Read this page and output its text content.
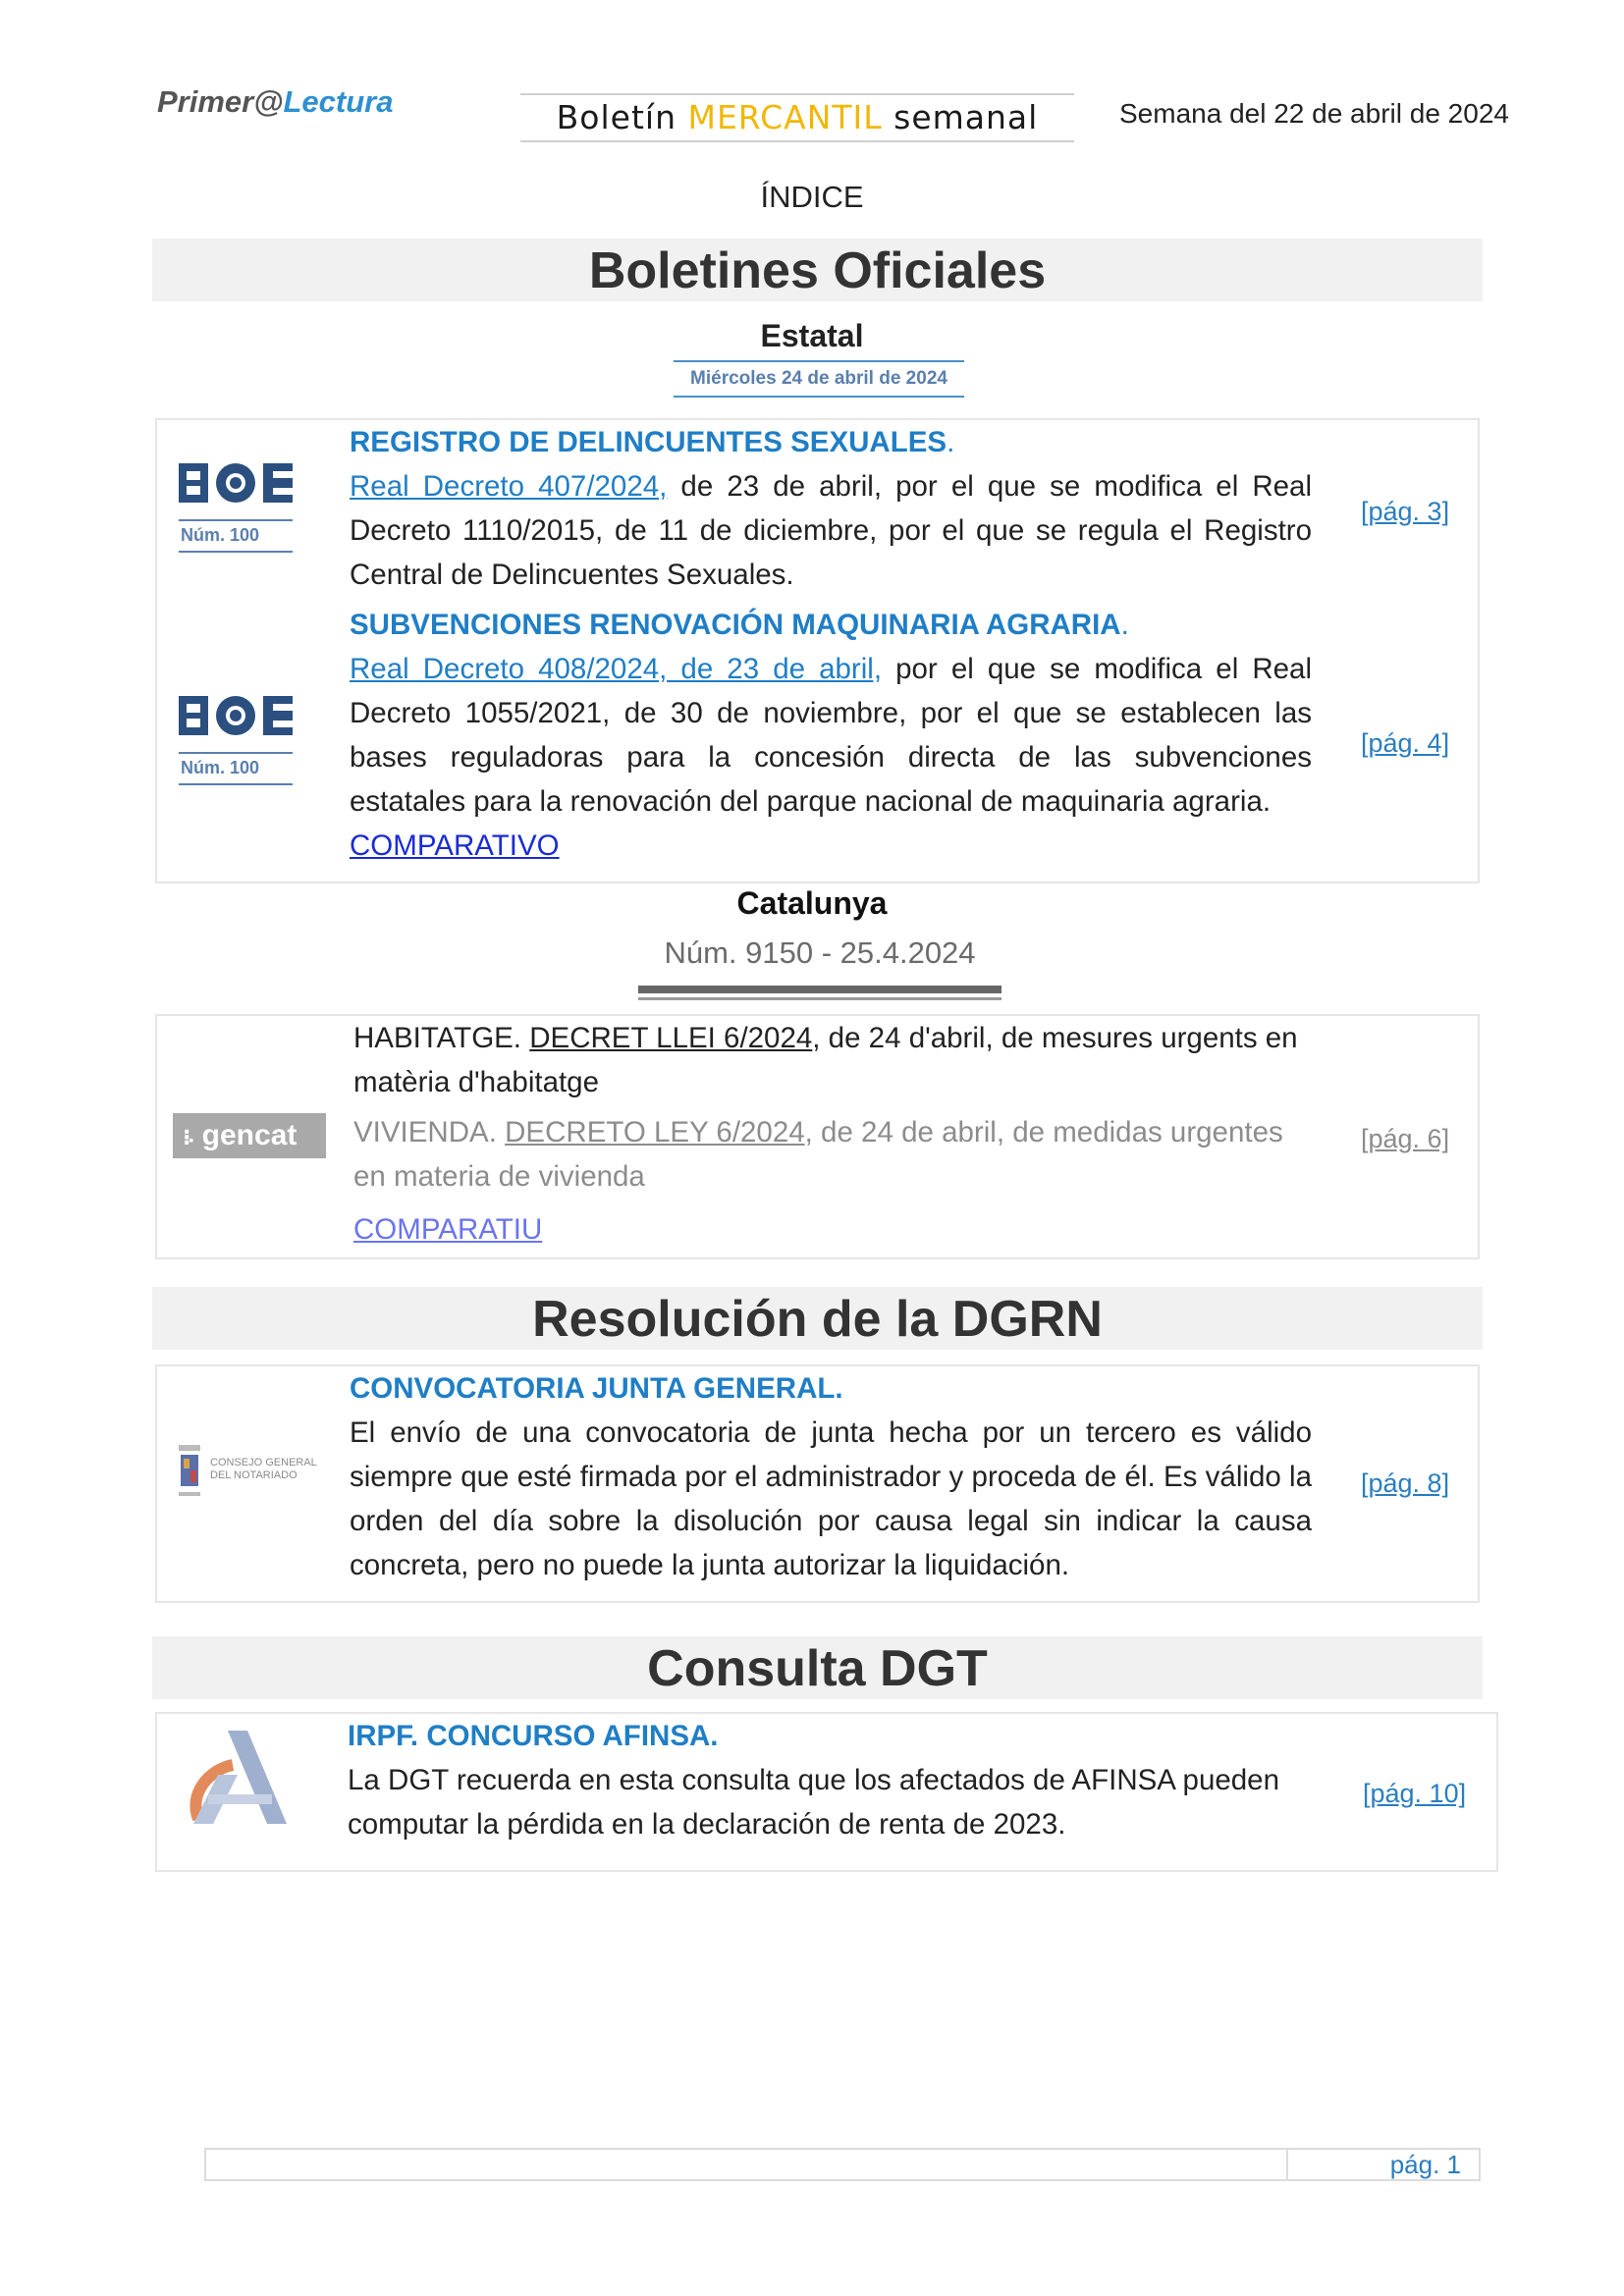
Primer@Lectura	Boletín MERCANTIL semanal	Semana del 22 de abril de 2024
ÍNDICE
Boletines Oficiales
Estatal
Miércoles 24 de abril de 2024
Núm. 100
REGISTRO DE DELINCUENTES SEXUALES.
Real Decreto 407/2024, de 23 de abril, por el que se modifica el Real Decreto 1110/2015, de 11 de diciembre, por el que se regula el Registro Central de Delincuentes Sexuales.
[pág. 3]
Núm. 100
SUBVENCIONES RENOVACIÓN MAQUINARIA AGRARIA.
Real Decreto 408/2024, de 23 de abril, por el que se modifica el Real Decreto 1055/2021, de 30 de noviembre, por el que se establecen las bases reguladoras para la concesión directa de las subvenciones estatales para la renovación del parque nacional de maquinaria agraria.
COMPARATIVO
[pág. 4]
Catalunya
Núm. 9150 - 25.4.2024
⁝▪ gencat
HABITATGE. DECRET LLEI 6/2024, de 24 d'abril, de mesures urgents en matèria d'habitatge
VIVIENDA. DECRETO LEY 6/2024, de 24 de abril, de medidas urgentes en materia de vivienda
COMPARATIU
[pág. 6]
Resolución de la DGRN
CONSEJO GENERAL DEL NOTARIADO
CONVOCATORIA JUNTA GENERAL.
El envío de una convocatoria de junta hecha por un tercero es válido siempre que esté firmada por el administrador y proceda de él. Es válido la orden del día sobre la disolución por causa legal sin indicar la causa concreta, pero no puede la junta autorizar la liquidación.
[pág. 8]
Consulta DGT
IRPF. CONCURSO AFINSA.
La DGT recuerda en esta consulta que los afectados de AFINSA pueden computar la pérdida en la declaración de renta de 2023.
[pág. 10]
pág. 1
